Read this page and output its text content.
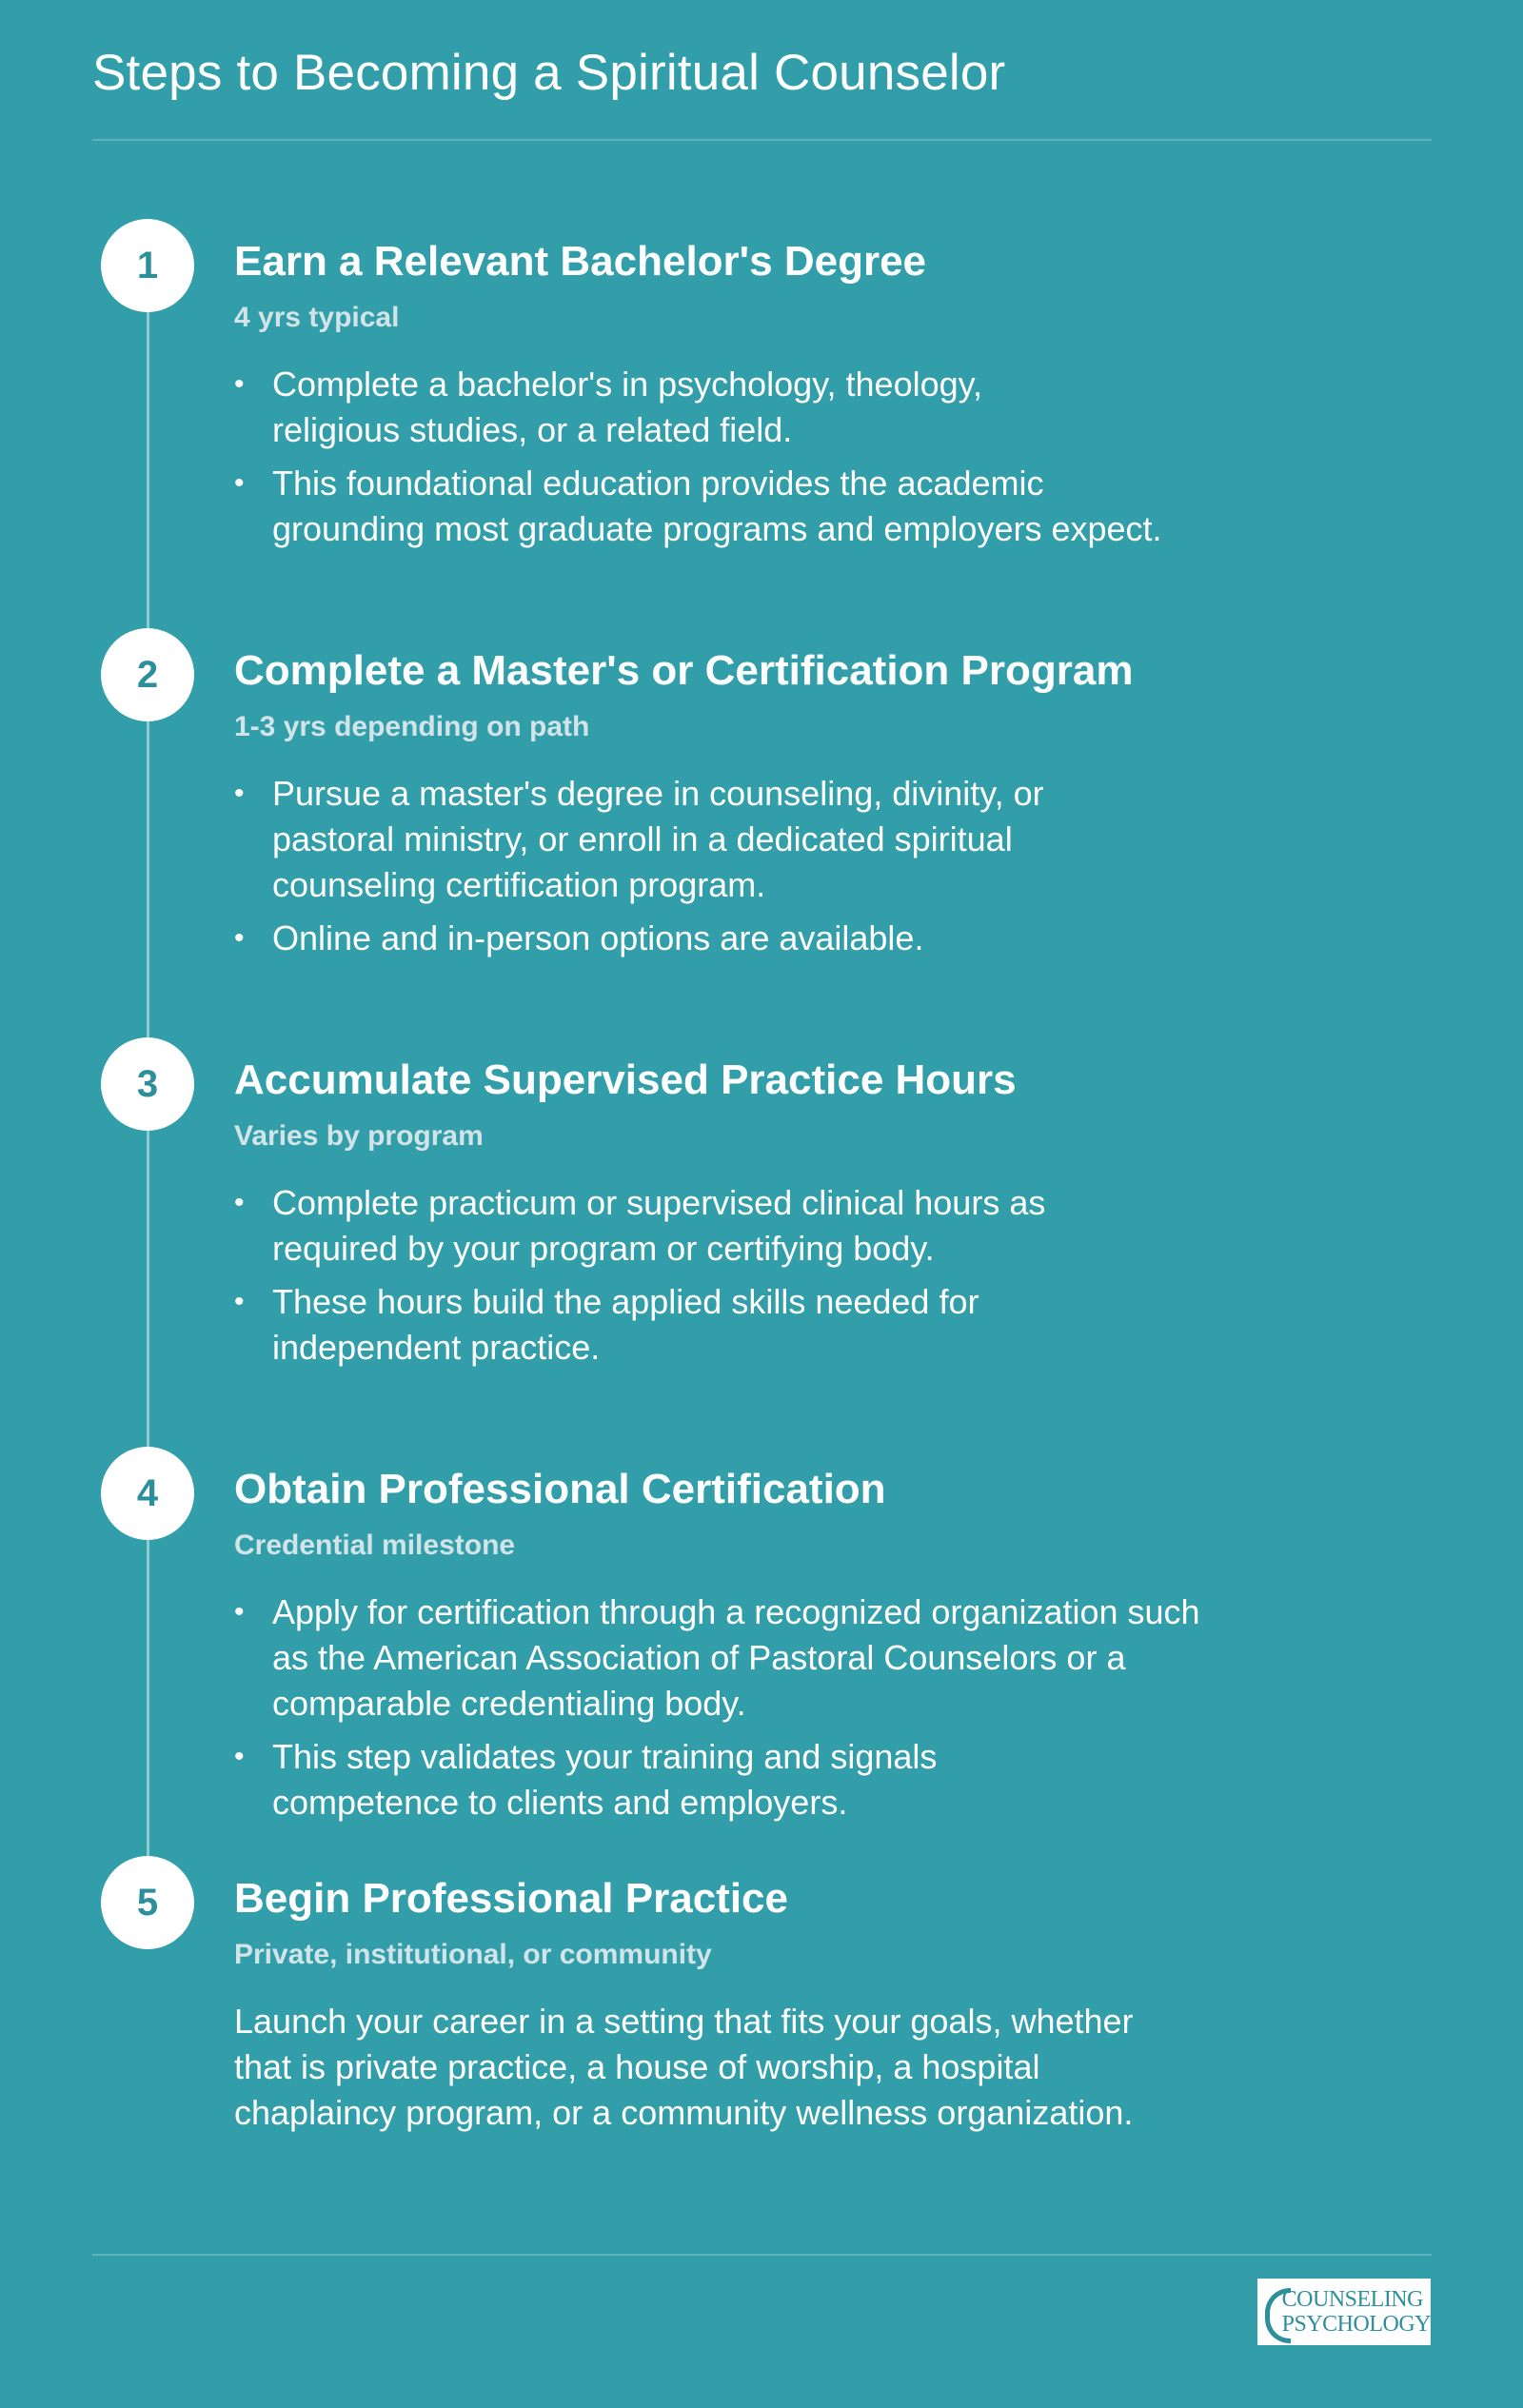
Steps to Becoming a Spiritual Counselor
1	Earn a Relevant Bachelor's Degree
4 yrs typical
• Complete a bachelor's in psychology, theology, religious studies, or a related field.
• This foundational education provides the academic grounding most graduate programs and employers expect.
2	Complete a Master's or Certification Program
1-3 yrs depending on path
• Pursue a master's degree in counseling, divinity, or pastoral ministry, or enroll in a dedicated spiritual counseling certification program.
• Online and in-person options are available.
3	Accumulate Supervised Practice Hours
Varies by program
• Complete practicum or supervised clinical hours as required by your program or certifying body.
• These hours build the applied skills needed for independent practice.
4	Obtain Professional Certification
Credential milestone
• Apply for certification through a recognized organization such as the American Association of Pastoral Counselors or a comparable credentialing body.
• This step validates your training and signals competence to clients and employers.
5	Begin Professional Practice
Private, institutional, or community

Launch your career in a setting that fits your goals, whether that is private practice, a house of worship, a hospital chaplaincy program, or a community wellness organization.

COUNSELING
PSYCHOLOGY
